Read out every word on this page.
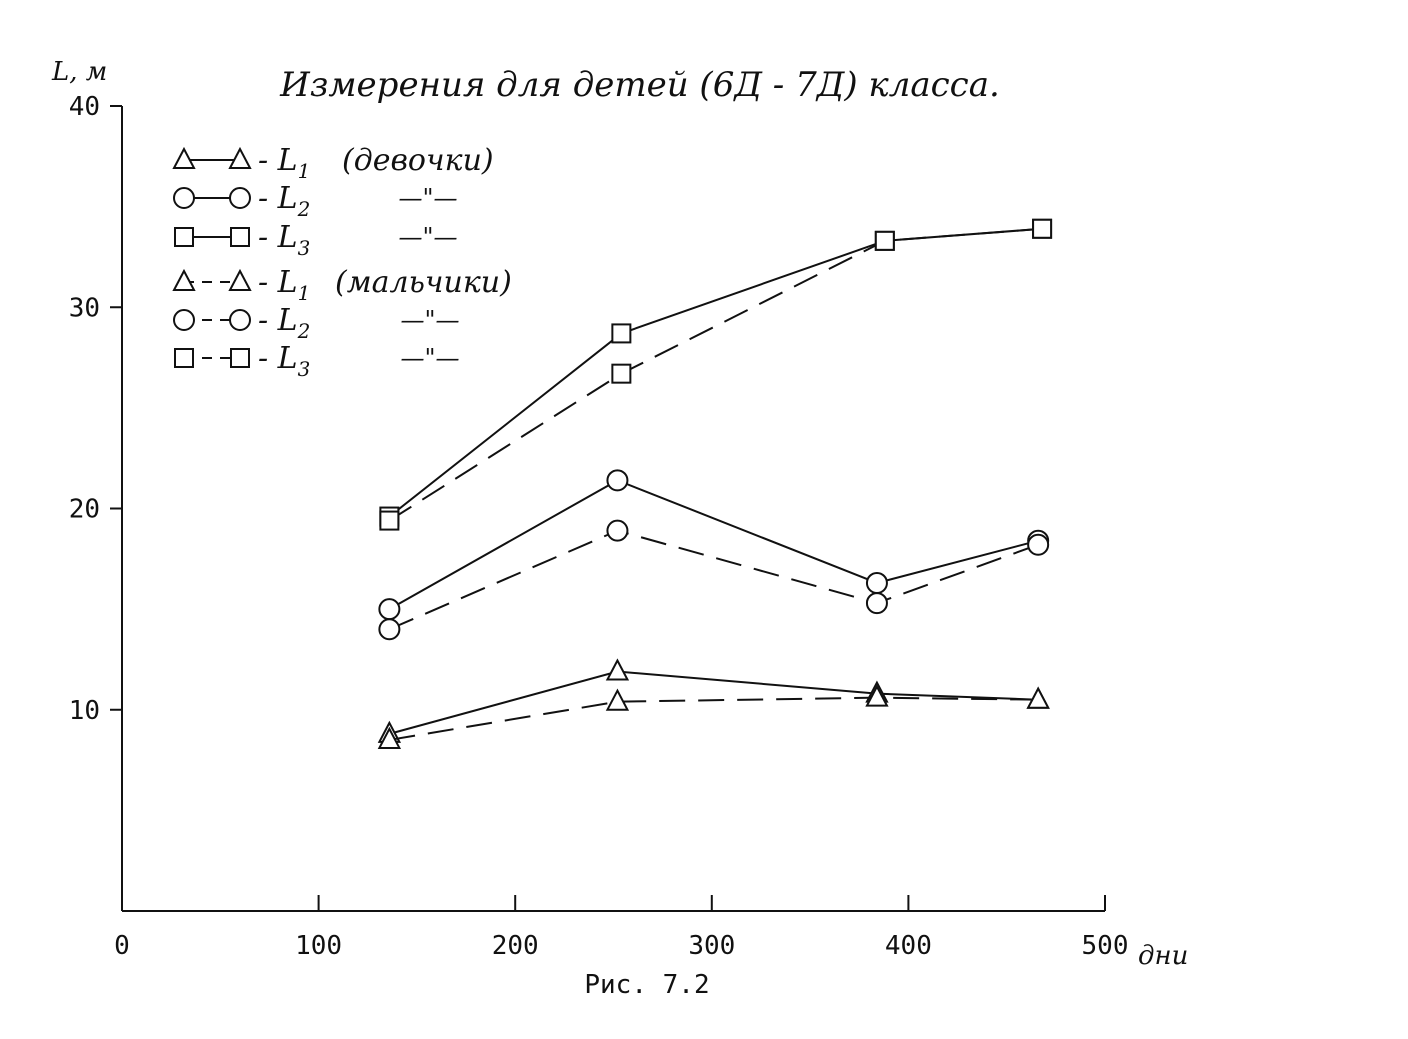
0	100	200	300	400	500
10
20
30
40
- $L_1$ (девочки)
- $L_2$	—"—
- $L_3$	—"—
- $L_1$ (мальчики)
- $L_2$	—"—
- $L_3$	—"—
Измерения для детей (6Д - 7Д) класса.
L, м
дни
Рис. 7.2
